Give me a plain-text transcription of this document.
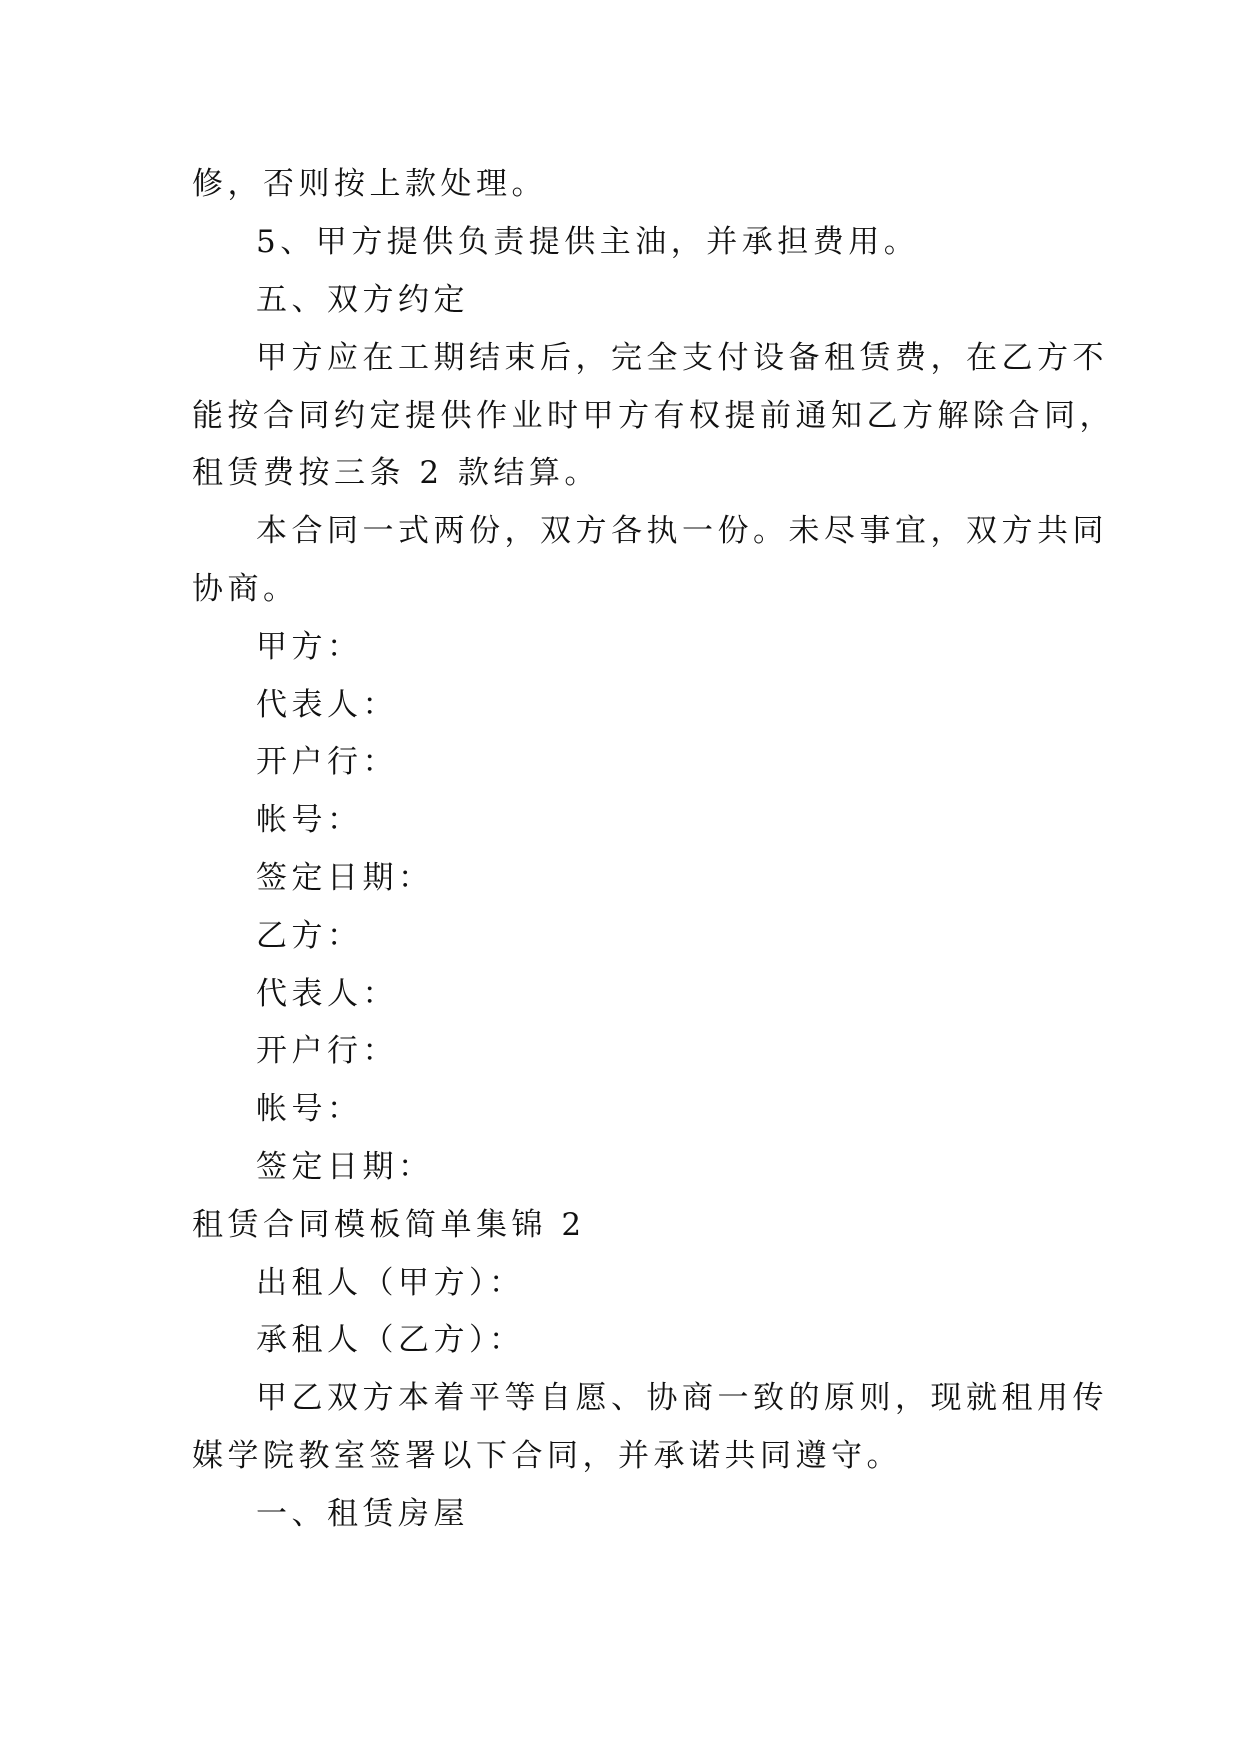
修，否则按上款处理。
5、甲方提供负责提供主油，并承担费用。
五、双方约定
甲方应在工期结束后，完全支付设备租赁费，在乙方不
能按合同约定提供作业时甲方有权提前通知乙方解除合同，
租赁费按三条 2 款结算。
本合同一式两份，双方各执一份。未尽事宜，双方共同
协商。
甲方：
代表人：
开户行：
帐号：
签定日期：
乙方：
代表人：
开户行：
帐号：
签定日期：
租赁合同模板简单集锦 2
出租人（甲方）：
承租人（乙方）：
甲乙双方本着平等自愿、协商一致的原则，现就租用传
媒学院教室签署以下合同，并承诺共同遵守。
一、租赁房屋
